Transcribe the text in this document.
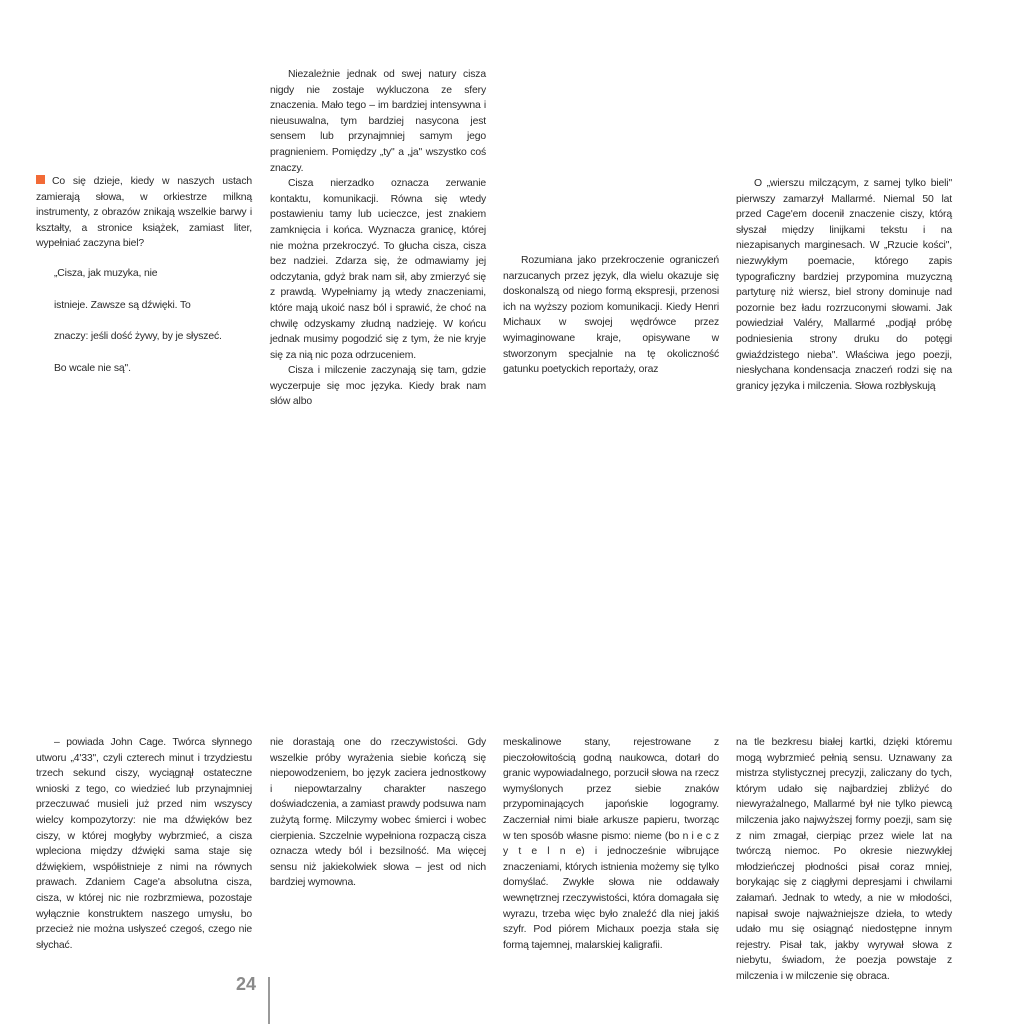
Co się dzieje, kiedy w naszych ustach zamierają słowa, w orkiestrze milkną instrumenty, z obrazów znikają wszelkie barwy i kształty, a stronice książek, zamiast liter, wypełniać zaczyna biel?

„Cisza, jak muzyka, nie

istnieje. Zawsze są dźwięki. To

znaczy: jeśli dość żywy, by je słyszeć.

Bo wcale nie są".

Niezależnie jednak od swej natury cisza nigdy nie zostaje wykluczona ze sfery znaczenia. Mało tego – im bardziej intensywna i nieusuwalna, tym bardziej nasycona jest sensem lub przynajmniej samym jego pragnieniem. Pomiędzy „ty" a „ja" wszystko coś znaczy.

Cisza nierzadko oznacza zerwanie kontaktu, komunikacji. Równa się wtedy postawieniu tamy lub ucieczce, jest znakiem zamknięcia i końca. Wyznacza granicę, której nie można przekroczyć. To głucha cisza, cisza bez nadziei. Zdarza się, że odmawiamy jej odczytania, gdyż brak nam sił, aby zmierzyć się z prawdą. Wypełniamy ją wtedy znaczeniami, które mają ukoić nasz ból i sprawić, że choć na chwilę odzyskamy złudną nadzieję. W końcu jednak musimy pogodzić się z tym, że nie kryje się za nią nic poza odrzuceniem.

Cisza i milczenie zaczynają się tam, gdzie wyczerpuje się moc języka. Kiedy brak nam słów albo

Rozumiana jako przekroczenie ograniczeń narzucanych przez język, dla wielu okazuje się doskonalszą od niego formą ekspresji, przenosi ich na wyższy poziom komunikacji. Kiedy Henri Michaux w swojej wędrówce przez wyimaginowane kraje, opisywane w stworzonym specjalnie na tę okoliczność gatunku poetyckich reportaży, oraz

O „wierszu milczącym, z samej tylko bieli" pierwszy zamarzył Mallarmé. Niemal 50 lat przed Cage'em docenił znaczenie ciszy, którą słyszał między linijkami tekstu i na niezapisanych marginesach. W „Rzucie kości", niezwykłym poemacie, którego zapis typograficzny bardziej przypomina muzyczną partyturę niż wiersz, biel strony dominuje nad pozornie bez ładu rozrzuconymi słowami. Jak powiedział Valéry, Mallarmé „podjął próbę podniesienia strony druku do potęgi gwiaździstego nieba". Właściwa jego poezji, niesłychana kondensacja znaczeń rodzi się na granicy języka i milczenia. Słowa rozbłyskują

– powiada John Cage. Twórca słynnego utworu „4'33", czyli czterech minut i trzydziestu trzech sekund ciszy, wyciągnął ostateczne wnioski z tego, co wiedzieć lub przynajmniej przeczuwać musieli już przed nim wszyscy wielcy kompozytorzy: nie ma dźwięków bez ciszy, w której mogłyby wybrzmieć, a cisza wpleciona między dźwięki sama staje się dźwiękiem, współistnieje z nimi na równych prawach. Zdaniem Cage'a absolutna cisza, cisza, w której nic nie rozbrzmiewa, pozostaje wyłącznie konstruktem naszego umysłu, bo przecież nie można usłyszeć czegoś, czego nie słychać.

nie dorastają one do rzeczywistości. Gdy wszelkie próby wyrażenia siebie kończą się niepowodzeniem, bo język zaciera jednostkowy i niepowtarzalny charakter naszego doświadczenia, a zamiast prawdy podsuwa nam zużytą formę. Milczymy wobec śmierci i wobec cierpienia. Szczelnie wypełniona rozpaczą cisza oznacza wtedy ból i bezsilność. Ma więcej sensu niż jakiekolwiek słowa – jest od nich bardziej wymowna.

meskalinowe stany, rejestrowane z pieczołowitością godną naukowca, dotarł do granic wypowiadalnego, porzucił słowa na rzecz wymyślonych przez siebie znaków przypominających japońskie logogramy. Zaczerniał nimi białe arkusze papieru, tworząc w ten sposób własne pismo: nieme (bo n i e c z y t e l n e) i jednocześnie wibrujące znaczeniami, których istnienia możemy się tylko domyślać. Zwykłe słowa nie oddawały wewnętrznej rzeczywistości, która domagała się wyrazu, trzeba więc było znaleźć dla niej jakiś szyfr. Pod piórem Michaux poezja stała się formą tajemnej, malarskiej kaligrafii.

na tle bezkresu białej kartki, dzięki któremu mogą wybrzmieć pełnią sensu. Uznawany za mistrza stylistycznej precyzji, zaliczany do tych, którym udało się najbardziej zbliżyć do niewyrażalnego, Mallarmé był nie tylko piewcą milczenia jako najwyższej formy poezji, sam się z nim zmagał, cierpiąc przez wiele lat na twórczą niemoc. Po okresie niezwykłej młodzieńczej płodności pisał coraz mniej, borykając się z ciągłymi depresjami i chwilami załamań. Jednak to wtedy, a nie w młodości, napisał swoje najważniejsze dzieła, to wtedy udało mu się osiągnąć niedostępne innym rejestry. Pisał tak, jakby wyrywał słowa z niebytu, świadom, że poezja powstaje z milczenia i w milczenie się obraca.

24
